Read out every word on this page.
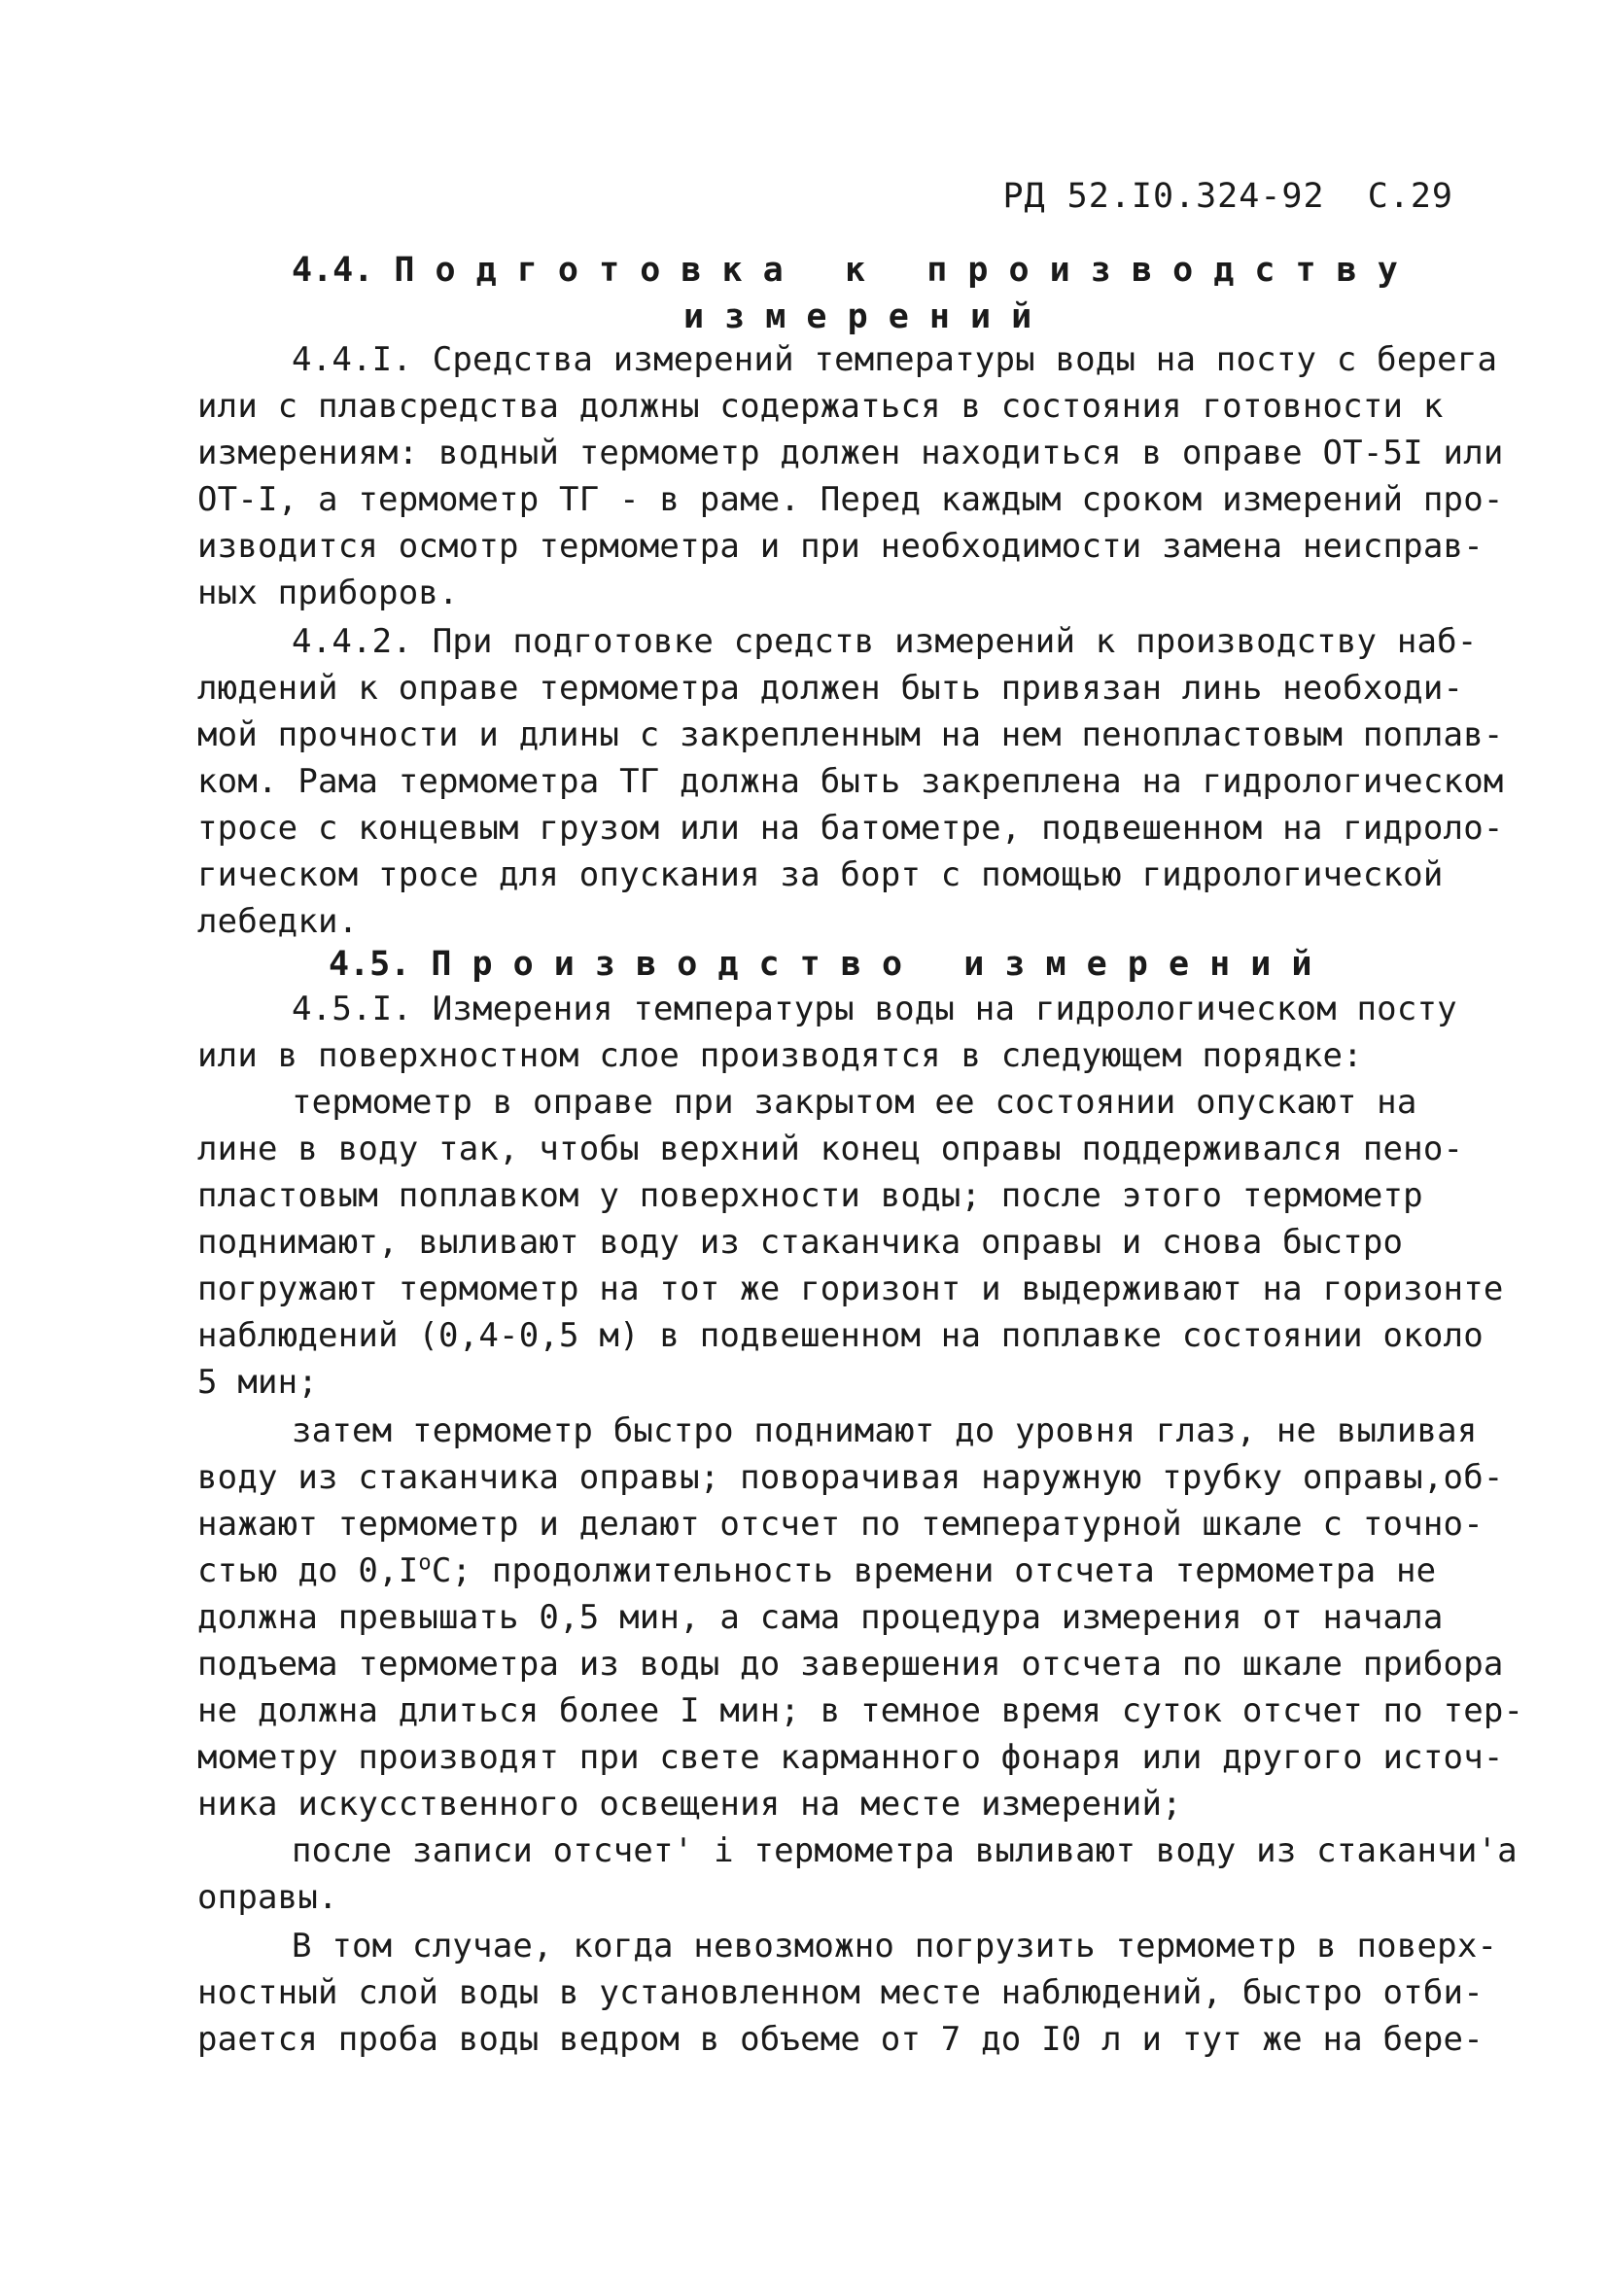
РД 52.I0.324-92 С.29
4.4. П о д г о т о в к а   к   п р о и з в о д с т в у
и з м е р е н и й
4.4.I. Средства измерений температуры воды на посту с берега
или с плавсредства должны содержаться в состояния готовности к
измерениям: водный термометр должен находиться в оправе ОТ-5I или
ОТ-I, а термометр ТГ - в раме. Перед каждым сроком измерений про-
изводится осмотр термометра и при необходимости замена неисправ-
ных приборов.
4.4.2. При подготовке средств измерений к производству наб-
людений к оправе термометра должен быть привязан линь необходи-
мой прочности и длины с закрепленным на нем пенопластовым поплав-
ком. Рама термометра ТГ должна быть закреплена на гидрологическом
тросе с концевым грузом или на батометре, подвешенном на гидроло-
гическом тросе для опускания за борт с помощью гидрологической
лебедки.
4.5. П р о и з в о д с т в о   и з м е р е н и й
4.5.I. Измерения температуры воды на гидрологическом посту
или в поверхностном слое производятся в следующем порядке:
термометр в оправе при закрытом ее состоянии опускают на
лине в воду так, чтобы верхний конец оправы поддерживался пено-
пластовым поплавком у поверхности воды; после этого термометр
поднимают, выливают воду из стаканчика оправы и снова быстро
погружают термометр на тот же горизонт и выдерживают на горизонте
наблюдений (0,4-0,5 м) в подвешенном на поплавке состоянии около
5 мин;
затем термометр быстро поднимают до уровня глаз, не выливая
воду из стаканчика оправы; поворачивая наружную трубку оправы,об-
нажают термометр и делают отсчет по температурной шкале с точно-
стью до $0,I^оС$; продолжительность времени отсчета термометра не
должна превышать 0,5 мин, а сама процедура измерения от начала
подъема термометра из воды до завершения отсчета по шкале прибора
не должна длиться более I мин; в темное время суток отсчет по тер-
мометру производят при свете карманного фонаря или другого источ-
ника искусственного освещения на месте измерений;
после записи отсчет' і термометра выливают воду из стаканчи'а
оправы.
В том случае, когда невозможно погрузить термометр в поверх-
ностный слой воды в установленном месте наблюдений, быстро отби-
рается проба воды ведром в объеме от 7 до I0 л и тут же на бере-
